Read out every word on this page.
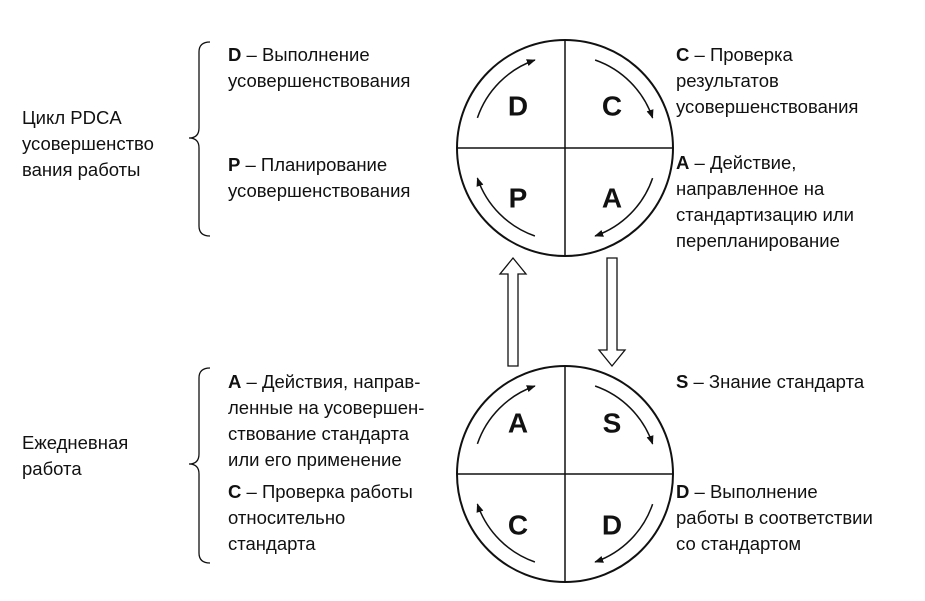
D	C
P	A
A	S
C	D
Цикл PDCA
усовершенство
вания работы
Ежедневная
работа
D – Выполнение
усовершенствования
P – Планирование
усовершенствования
C – Проверка
результатов
усовершенствования
A – Действие,
направленное на
стандартизацию или
перепланирование
A – Действия, направ-
ленные на усовершен-
ствование стандарта
или его применение
C – Проверка работы
относительно
стандарта
S – Знание стандарта
D – Выполнение
работы в соответствии
со стандартом
